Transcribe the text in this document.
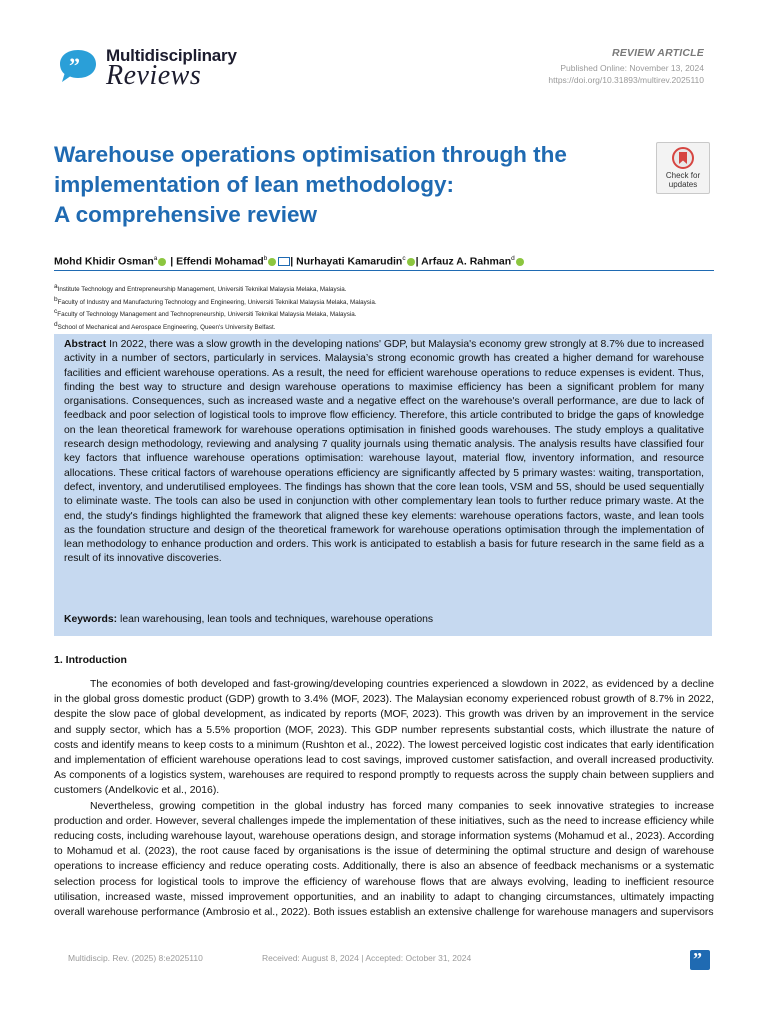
” Multidisciplinary
Reviews
REVIEW ARTICLE
Published Online: November 13, 2024
https://doi.org/10.31893/multirev.2025110
Warehouse operations optimisation through the
implementation of lean methodology:
A comprehensive review
Check for
updates
Mohd Khidir Osman$^a$ | Effendi Mohamad$^b$ | Nurhayati Kamarudin$^c$ | Arfauz A. Rahman$^d$
aInstitute Technology and Entrepreneurship Management, Universiti Teknikal Malaysia Melaka, Malaysia.
bFaculty of Industry and Manufacturing Technology and Engineering, Universiti Teknikal Malaysia Melaka, Malaysia.
cFaculty of Technology Management and Technopreneurship, Universiti Teknikal Malaysia Melaka, Malaysia.
dSchool of Mechanical and Aerospace Engineering, Queen's University Belfast.
Abstract In 2022, there was a slow growth in the developing nations' GDP, but Malaysia's economy grew strongly at 8.7% due to increased activity in a number of sectors, particularly in services. Malaysia’s strong economic growth has created a higher demand for warehouse facilities and efficient warehouse operations. As a result, the need for efficient warehouse operations to reduce expenses is evident. Thus, finding the best way to structure and design warehouse operations to maximise efficiency has been a significant problem for many organisations. Consequences, such as increased waste and a negative effect on the warehouse's overall performance, are due to lack of feedback and poor selection of logistical tools to improve flow efficiency. Therefore, this article contributed to bridge the gaps of knowledge on the lean theoretical framework for warehouse operations optimisation in finished goods warehouses. The study employs a qualitative research design methodology, reviewing and analysing 7 quality journals using thematic analysis. The analysis results have classified four key factors that influence warehouse operations optimisation: warehouse layout, material flow, inventory information, and resource allocations. These critical factors of warehouse operations efficiency are significantly affected by 5 primary wastes: waiting, transportation, defect, inventory, and underutilised employees. The findings has shown that the core lean tools, VSM and 5S, should be used sequentially to eliminate waste. The tools can also be used in conjunction with other complementary lean tools to further reduce primary waste. At the end, the study's findings highlighted the framework that aligned these key elements: warehouse operations factors, waste, and lean tools as the foundation structure and design of the theoretical framework for warehouse operations optimisation through the implementation of lean methodology to enhance production and orders. This work is anticipated to establish a basis for future research in the same field as a result of its innovative discoveries.
Keywords: lean warehousing, lean tools and techniques, warehouse operations
1. Introduction

The economies of both developed and fast-growing/developing countries experienced a slowdown in 2022, as evidenced by a decline in the global gross domestic product (GDP) growth to 3.4% (MOF, 2023). The Malaysian economy experienced robust growth of 8.7% in 2022, despite the slow pace of global development, as indicated by reports (MOF, 2023). This growth was driven by an improvement in the service and supply sector, which has a 5.5% proportion (MOF, 2023). This GDP number represents substantial costs, which illustrate the nature of costs and identify means to keep costs to a minimum (Rushton et al., 2022). The lowest perceived logistic cost indicates that early identification and implementation of efficient warehouse operations lead to cost savings, improved customer satisfaction, and overall increased productivity. As components of a logistics system, warehouses are required to respond promptly to requests across the supply chain between suppliers and customers (Andelkovic et al., 2016).

Nevertheless, growing competition in the global industry has forced many companies to seek innovative strategies to increase production and order. However, several challenges impede the implementation of these initiatives, such as the need to increase efficiency while reducing costs, including warehouse layout, warehouse operations design, and storage information systems (Mohamud et al., 2023). According to Mohamud et al. (2023), the root cause faced by organisations is the issue of determining the optimal structure and design of warehouse operations to increase efficiency and reduce operating costs. Additionally, there is also an absence of feedback mechanisms or a systematic selection process for logistical tools to improve the efficiency of warehouse flows that are always evolving, leading to inefficient resource utilisation, increased waste, missed improvement opportunities, and an inability to adapt to changing circumstances, ultimately impacting overall warehouse performance (Ambrosio et al., 2022). Both issues establish an extensive challenge for warehouse managers and supervisors

Multidiscip. Rev. (2025) 8:e2025110	Received: August 8, 2024 | Accepted: October 31, 2024	”
